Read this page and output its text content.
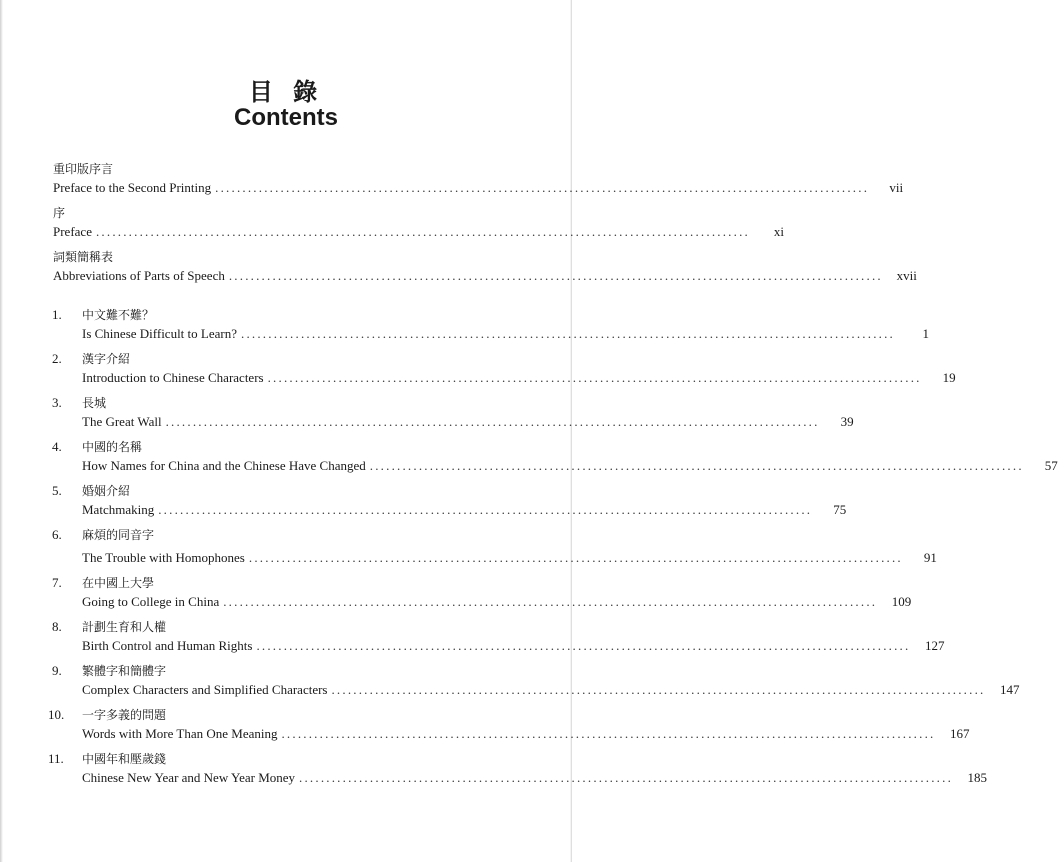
目 錄
Contents
重印版序言
Preface to the Second Printing ........................................................................................................................	vii
序
Preface ........................................................................................................................	xi
詞類簡稱表
Abbreviations of Parts of Speech ........................................................................................................................	xvii
1. 中文難不難？
Is Chinese Difficult to Learn? ........................................................................................................................	1
2. 漢字介紹
Introduction to Chinese Characters ........................................................................................................................	19
3. 長城
The Great Wall ........................................................................................................................	39
4. 中國的名稱
How Names for China and the Chinese Have Changed ........................................................................................................................	57
5. 婚姻介紹
Matchmaking ........................................................................................................................	75
6. 麻煩的同音字
The Trouble with Homophones ........................................................................................................................	91
7. 在中國上大學
Going to College in China ........................................................................................................................	109
8. 計劃生育和人權
Birth Control and Human Rights ........................................................................................................................	127
9. 繁體字和簡體字
Complex Characters and Simplified Characters ........................................................................................................................	147
10. 一字多義的問題
Words with More Than One Meaning ........................................................................................................................	167
11. 中國年和壓歲錢
Chinese New Year and New Year Money ........................................................................................................................	185
